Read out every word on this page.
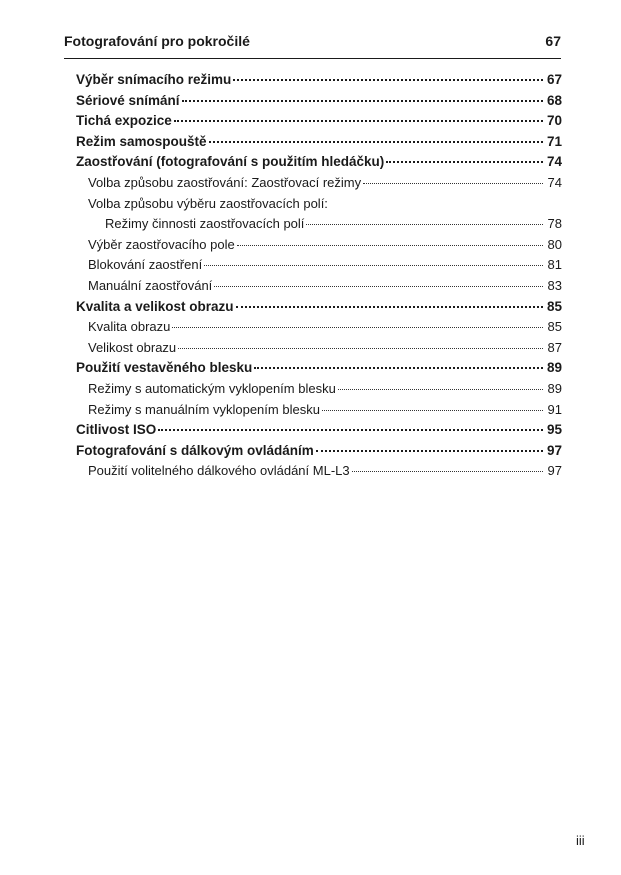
Fotografování pro pokročilé	67
Výběr snímacího režimu	67
Sériové snímání	68
Tichá expozice	70
Režim samospouště	71
Zaostřování (fotografování s použitím hledáčku)	74
Volba způsobu zaostřování: Zaostřovací režimy	74
Volba způsobu výběru zaostřovacích polí:
Režimy činnosti zaostřovacích polí	78
Výběr zaostřovacího pole	80
Blokování zaostření	81
Manuální zaostřování	83
Kvalita a velikost obrazu	85
Kvalita obrazu	85
Velikost obrazu	87
Použití vestavěného blesku	89
Režimy s automatickým vyklopením blesku	89
Režimy s manuálním vyklopením blesku	91
Citlivost ISO	95
Fotografování s dálkovým ovládáním	97
Použití volitelného dálkového ovládání ML-L3	97
iii
